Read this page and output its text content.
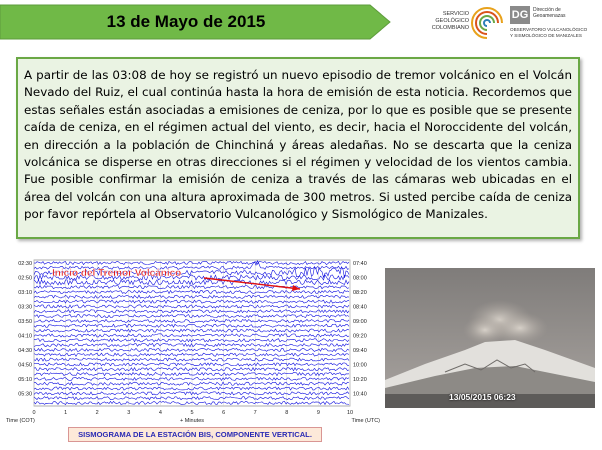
13 de Mayo de 2015	SERVICIO
GEOLÓGICO
COLOMBIANO
DG Dirección de
Geoamenazas
OBSERVATORIO VULCANOLÓGICO
Y SISMOLÓGICO DE MANIZALES

A partir de las 03:08 de hoy se registró un nuevo episodio de tremor volcánico en el Volcán Nevado del Ruiz, el cual continúa hasta la hora de emisión de esta noticia. Recordemos que estas señales están asociadas a emisiones de ceniza, por lo que es posible que se presente caída de ceniza, en el régimen actual del viento, es decir, hacia el Noroccidente del volcán, en dirección a la población de Chinchiná y áreas aledañas. No se descarta que la ceniza volcánica se disperse en otras direcciones si el régimen y velocidad de los vientos cambia. Fue posible confirmar la emisión de ceniza a través de las cámaras web ubicadas en el área del volcán con una altura aproximada de 300 metros. Si usted percibe caída de ceniza por favor repórtela al Observatorio Vulcanológico y Sismológico de Manizales.

0	1	2	3	4	5	6	7	8	9	10
02:30	07:40
02:50	08:00
03:10	08:20
03:30	08:40
03:50	09:00
04:10	09:20
04:30	09:40
04:50	10:00
05:10	10:20
05:30	10:40
Time (COT)	+ Minutes	Time (UTC)
Inicio del Tremor Volcánico
SISMOGRAMA DE LA ESTACIÓN BIS, COMPONENTE VERTICAL.
13/05/2015 06:23
